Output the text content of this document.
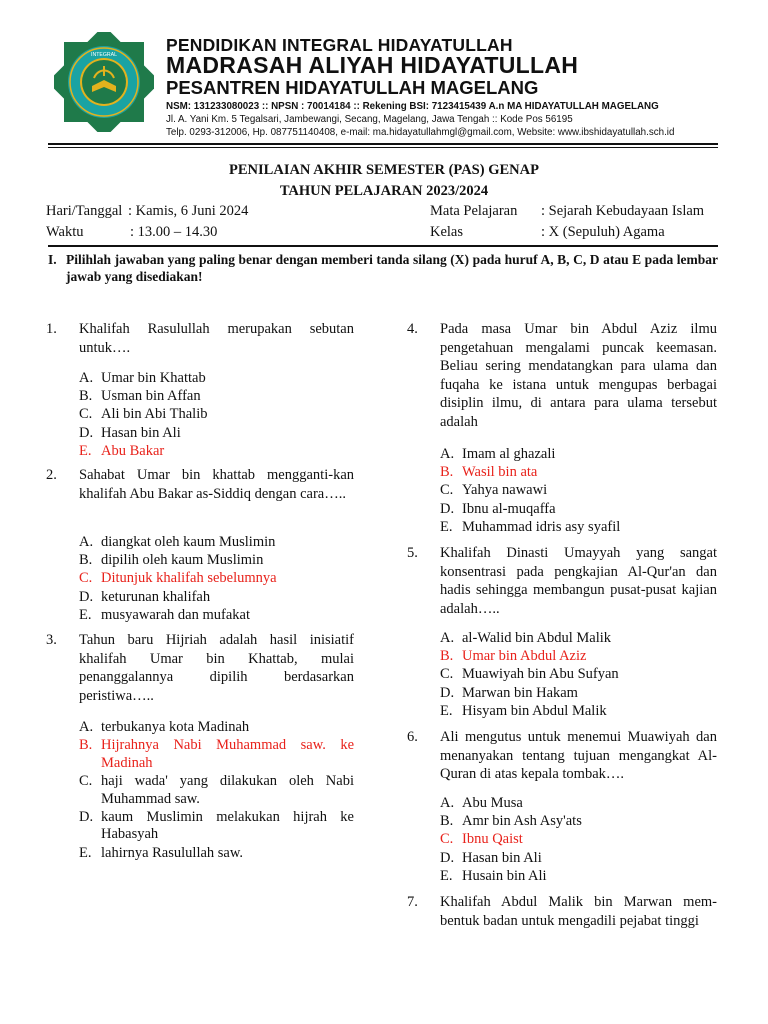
INTEGRAL	PENDIDIKAN INTEGRAL HIDAYATULLAH
MADRASAH ALIYAH HIDAYATULLAH
PESANTREN HIDAYATULLAH MAGELANG
NSM: 131233080023 :: NPSN : 70014184 :: Rekening BSI: 7123415439 A.n MA HIDAYATULLAH MAGELANG
Jl. A. Yani Km. 5 Tegalsari, Jambewangi, Secang, Magelang, Jawa Tengah :: Kode Pos 56195
Telp. 0293-312006, Hp. 087751140408, e-mail: ma.hidayatullahmgl@gmail.com, Website: www.ibshidayatullah.sch.id
PENILAIAN AKHIR SEMESTER (PAS) GENAP
TAHUN PELAJARAN 2023/2024
Hari/Tanggal : Kamis, 6 Juni 2024
Waktu	: 13.00 – 14.30
Mata Pelajaran : Sejarah Kebudayaan Islam
Kelas	: X (Sepuluh) Agama
I. Pilihlah jawaban yang paling benar dengan memberi tanda silang (X) pada huruf A, B, C, D atau E pada lembar jawab yang disediakan!
1. Khalifah Rasulullah merupakan sebutan untuk….
A. Umar bin Khattab
B. Usman bin Affan
C. Ali bin Abi Thalib
D. Hasan bin Ali
E. Abu Bakar
2. Sahabat Umar bin khattab mengganti-kan khalifah Abu Bakar as-Siddiq dengan cara…..
A. diangkat oleh kaum Muslimin
B. dipilih oleh kaum Muslimin
C. Ditunjuk khalifah sebelumnya
D. keturunan khalifah
E. musyawarah dan mufakat
3. Tahun baru Hijriah adalah hasil inisiatif khalifah Umar bin Khattab, mulai penanggalannya dipilih berdasarkan peristiwa…..
A. terbukanya kota Madinah
B. Hijrahnya Nabi Muhammad saw. ke Madinah
C. haji wada' yang dilakukan oleh Nabi Muhammad saw.
D. kaum Muslimin melakukan hijrah ke Habasyah
E. lahirnya Rasulullah saw.
4. Pada masa Umar bin Abdul Aziz ilmu pengetahuan mengalami puncak keemasan. Beliau sering mendatangkan para ulama dan fuqaha ke istana untuk mengupas berbagai disiplin ilmu, di antara para ulama tersebut adalah
A. Imam al ghazali
B. Wasil bin ata
C. Yahya nawawi
D. Ibnu al-muqaffa
E. Muhammad idris asy syafil
5. Khalifah Dinasti Umayyah yang sangat konsentrasi pada pengkajian Al-Qur'an dan hadis sehingga membangun pusat-pusat kajian adalah…..
A. al-Walid bin Abdul Malik
B. Umar bin Abdul Aziz
C. Muawiyah bin Abu Sufyan
D. Marwan bin Hakam
E. Hisyam bin Abdul Malik
6. Ali mengutus untuk menemui Muawiyah dan menanyakan tentang tujuan mengangkat Al-Quran di atas kepala tombak….
A. Abu Musa
B. Amr bin Ash Asy'ats
C. Ibnu Qaist
D. Hasan bin Ali
E. Husain bin Ali
7. Khalifah Abdul Malik bin Marwan mem-bentuk badan untuk mengadili pejabat tinggi
